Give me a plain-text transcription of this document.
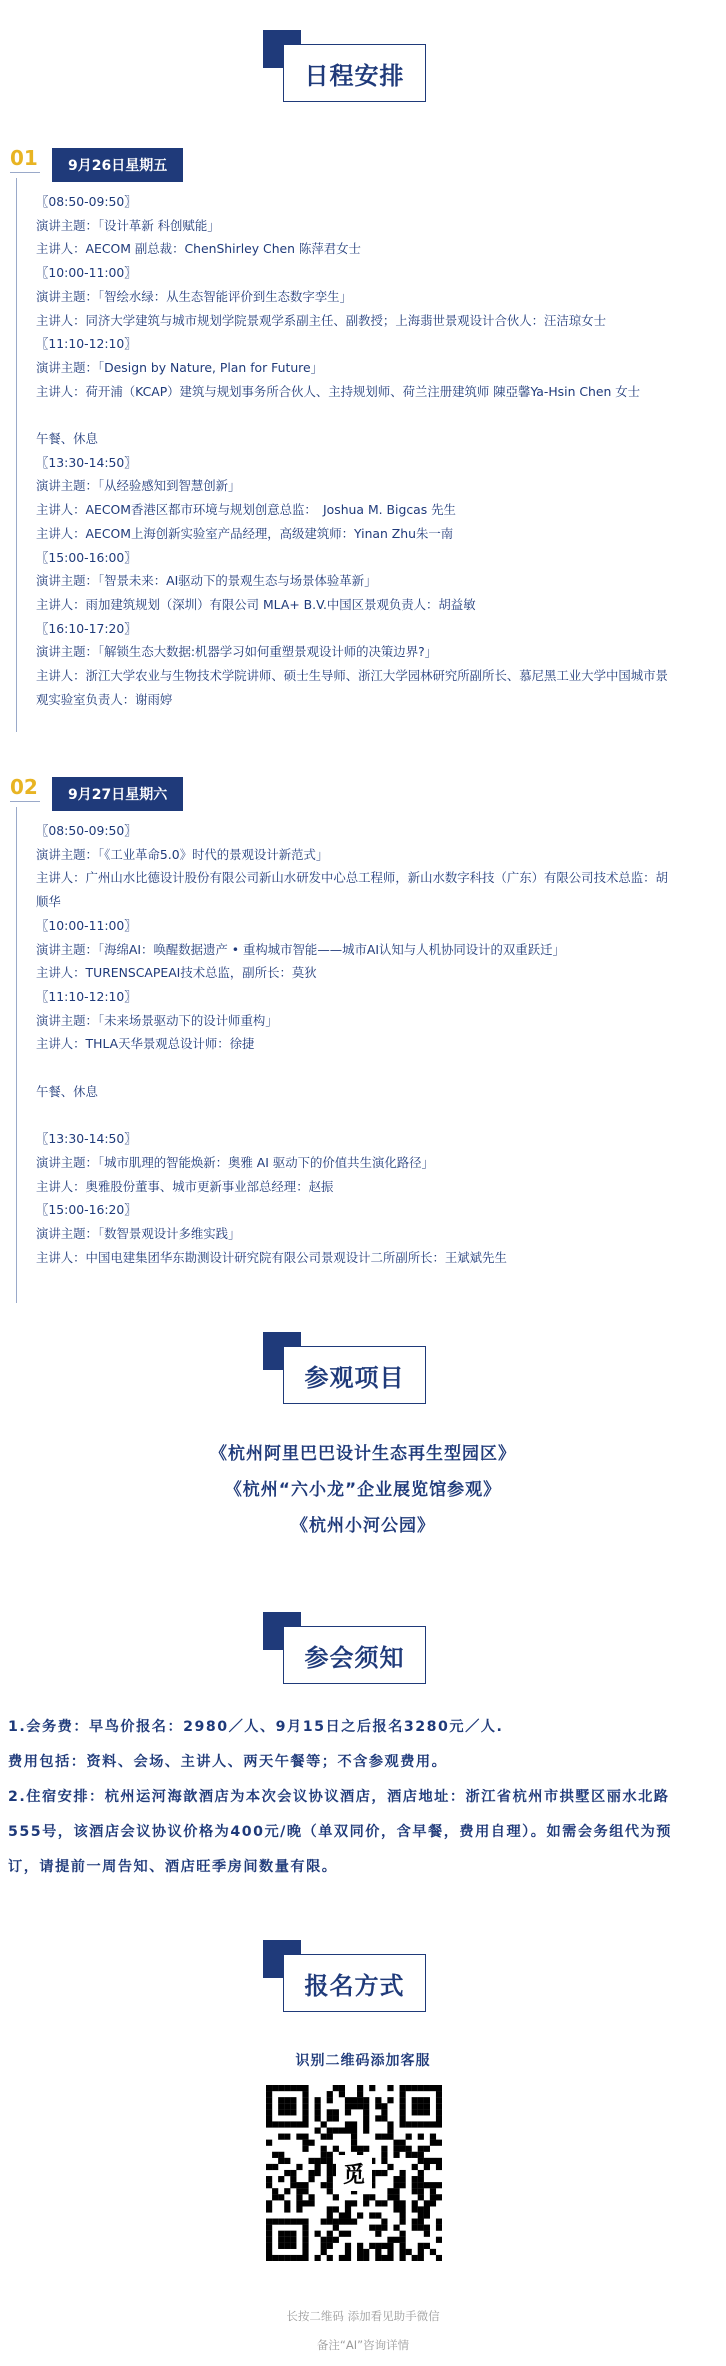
日程安排
01	9月26日星期五
〖08:50-09:50〗
演讲主题：「设计革新 科创赋能」
主讲人：AECOM 副总裁：ChenShirley Chen 陈萍君女士
〖10:00-11:00〗
演讲主题：「智绘水绿：从生态智能评价到生态数字孪生」
主讲人：同济大学建筑与城市规划学院景观学系副主任、副教授；上海翡世景观设计合伙人：汪洁琼女士
〖11:10-12:10〗
演讲主题：「Design by Nature, Plan for Future」
主讲人：荷开浦（KCAP）建筑与规划事务所合伙人、主持规划师、荷兰注册建筑师 陳亞馨Ya-Hsin Chen 女士
午餐、休息
〖13:30-14:50〗
演讲主题：「从经验感知到智慧创新」
主讲人：AECOM香港区都市环境与规划创意总监：　Joshua M. Bigcas 先生
主讲人：AECOM上海创新实验室产品经理，高级建筑师：Yinan Zhu朱一南
〖15:00-16:00〗
演讲主题：「智景未来：AI驱动下的景观生态与场景体验革新」
主讲人：雨加建筑规划（深圳）有限公司 MLA+ B.V.中国区景观负责人：胡益敏
〖16:10-17:20〗
演讲主题：「解锁生态大数据:机器学习如何重塑景观设计师的决策边界?」
主讲人：浙江大学农业与生物技术学院讲师、硕士生导师、浙江大学园林研究所副所长、慕尼黑工业大学中国城市景观实验室负责人：谢雨婷
02	9月27日星期六
〖08:50-09:50〗
演讲主题：「《工业革命5.0》时代的景观设计新范式」
主讲人：广州山水比德设计股份有限公司新山水研发中心总工程师，新山水数字科技（广东）有限公司技术总监：胡顺华
〖10:00-11:00〗
演讲主题：「海绵AI：唤醒数据遗产 • 重构城市智能——城市AI认知与人机协同设计的双重跃迁」
主讲人：TURENSCAPEAI技术总监，副所长：莫狄
〖11:10-12:10〗
演讲主题：「未来场景驱动下的设计师重构」
主讲人：THLA天华景观总设计师：徐捷
午餐、休息
〖13:30-14:50〗
演讲主题：「城市肌理的智能焕新：奥雅 AI 驱动下的价值共生演化路径」
主讲人：奥雅股份董事、城市更新事业部总经理：赵振
〖15:00-16:20〗
演讲主题：「数智景观设计多维实践」
主讲人：中国电建集团华东勘测设计研究院有限公司景观设计二所副所长：王斌斌先生
参观项目
《杭州阿里巴巴设计生态再生型园区》
《杭州“六小龙”企业展览馆参观》
《杭州小河公园》
参会须知
1.会务费：早鸟价报名：2980／人、9月15日之后报名3280元／人.
费用包括：资料、会场、主讲人、两天午餐等；不含参观费用。
2.住宿安排：杭州运河海歆酒店为本次会议协议酒店，酒店地址：浙江省杭州市拱墅区丽水北路555号，该酒店会议协议价格为400元/晚（单双同价，含早餐，费用自理）。如需会务组代为预订，请提前一周告知、酒店旺季房间数量有限。
报名方式
识别二维码添加客服
觅
长按二维码 添加看见助手微信
备注“AI”咨询详情
